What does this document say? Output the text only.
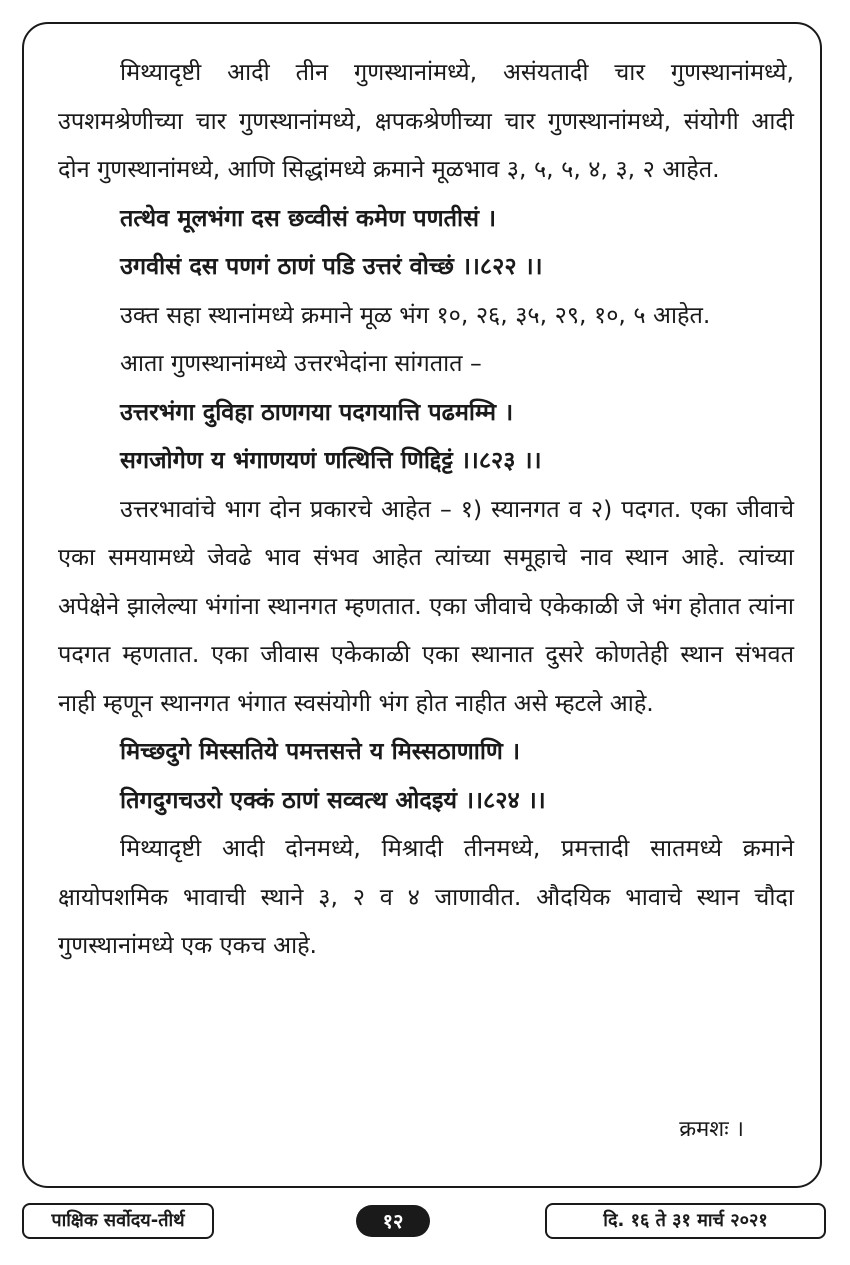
मिथ्यादृष्टी आदी तीन गुणस्थानांमध्ये, असंयतादी चार गुणस्थानांमध्ये, उपशमश्रेणीच्या चार गुणस्थानांमध्ये, क्षपकश्रेणीच्या चार गुणस्थानांमध्ये, संयोगी आदी दोन गुणस्थानांमध्ये, आणि सिद्धांमध्ये क्रमाने मूळभाव ३, ५, ५, ४, ३, २ आहेत.

तत्थेव मूलभंगा दस छव्वीसं कमेण पणतीसं ।

उगवीसं दस पणगं ठाणं पडि उत्तरं वोच्छं ।।८२२ ।।

उक्त सहा स्थानांमध्ये क्रमाने मूळ भंग १०, २६, ३५, २९, १०, ५ आहेत.

आता गुणस्थानांमध्ये उत्तरभेदांना सांगतात –

उत्तरभंगा दुविहा ठाणगया पदगयात्ति पढमम्मि ।

सगजोगेण य भंगाणयणं णत्थित्ति णिद्दिट्टं ।।८२३ ।।

उत्तरभावांचे भाग दोन प्रकारचे आहेत – १) स्यानगत व २) पदगत. एका जीवाचे एका समयामध्ये जेवढे भाव संभव आहेत त्यांच्या समूहाचे नाव स्थान आहे. त्यांच्या अपेक्षेने झालेल्या भंगांना स्थानगत म्हणतात. एका जीवाचे एकेकाळी जे भंग होतात त्यांना पदगत म्हणतात. एका जीवास एकेकाळी एका स्थानात दुसरे कोणतेही स्थान संभवत नाही म्हणून स्थानगत भंगात स्वसंयोगी भंग होत नाहीत असे म्हटले आहे.

मिच्छदुगे मिस्सतिये पमत्तसत्ते य मिस्सठाणाणि ।

तिगदुगचउरो एक्कं ठाणं सव्वत्थ ओदइयं ।।८२४ ।।

मिथ्यादृष्टी आदी दोनमध्ये, मिश्रादी तीनमध्ये, प्रमत्तादी सातमध्ये क्रमाने क्षायोपशमिक भावाची स्थाने ३, २ व ४ जाणावीत. औदयिक भावाचे स्थान चौदा गुणस्थानांमध्ये एक एकच आहे.

क्रमशः ।
पाक्षिक सर्वोदय-तीर्थ	१२	दि. १६ ते ३१ मार्च २०२१
